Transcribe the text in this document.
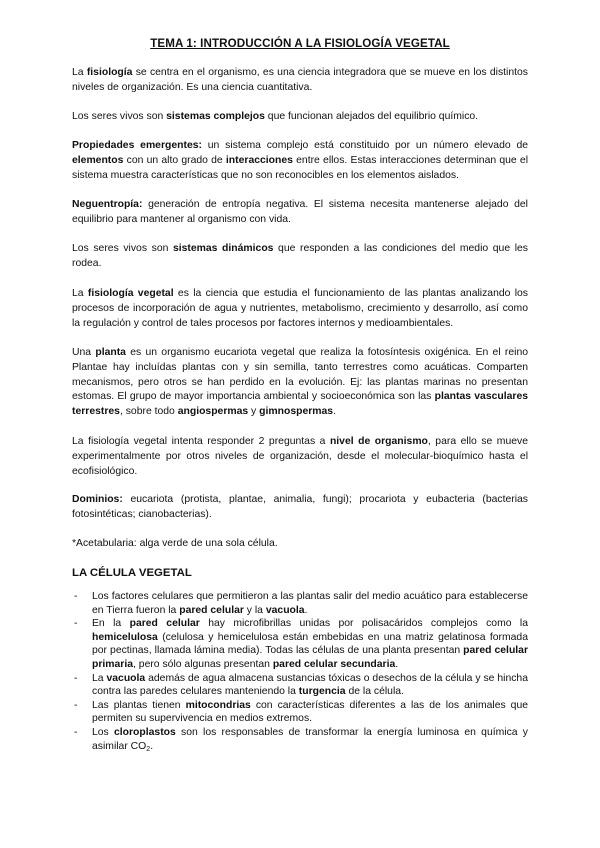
TEMA 1: INTRODUCCIÓN A LA FISIOLOGÍA VEGETAL

La fisiología se centra en el organismo, es una ciencia integradora que se mueve en los distintos niveles de organización. Es una ciencia cuantitativa.

Los seres vivos son sistemas complejos que funcionan alejados del equilibrio químico.

Propiedades emergentes: un sistema complejo está constituido por un número elevado de elementos con un alto grado de interacciones entre ellos. Estas interacciones determinan que el sistema muestra características que no son reconocibles en los elementos aislados.

Neguentropía: generación de entropía negativa. El sistema necesita mantenerse alejado del equilibrio para mantener al organismo con vida.

Los seres vivos son sistemas dinámicos que responden a las condiciones del medio que les rodea.

La fisiología vegetal es la ciencia que estudia el funcionamiento de las plantas analizando los procesos de incorporación de agua y nutrientes, metabolismo, crecimiento y desarrollo, así como la regulación y control de tales procesos por factores internos y medioambientales.

Una planta es un organismo eucariota vegetal que realiza la fotosíntesis oxigénica. En el reino Plantae hay incluídas plantas con y sin semilla, tanto terrestres como acuáticas. Comparten mecanismos, pero otros se han perdido en la evolución. Ej: las plantas marinas no presentan estomas. El grupo de mayor importancia ambiental y socioeconómica son las plantas vasculares terrestres, sobre todo angiospermas y gimnospermas.

La fisiología vegetal intenta responder 2 preguntas a nivel de organismo, para ello se mueve experimentalmente por otros niveles de organización, desde el molecular-bioquímico hasta el ecofisiológico.

Dominios: eucariota (protista, plantae, animalia, fungi); procariota y eubacteria (bacterias fotosintéticas; cianobacterias).

*Acetabularia: alga verde de una sola célula.

LA CÉLULA VEGETAL
- Los factores celulares que permitieron a las plantas salir del medio acuático para establecerse en Tierra fueron la pared celular y la vacuola.
- En la pared celular hay microfibrillas unidas por polisacáridos complejos como la hemicelulosa (celulosa y hemicelulosa están embebidas en una matriz gelatinosa formada por pectinas, llamada lámina media). Todas las células de una planta presentan pared celular primaria, pero sólo algunas presentan pared celular secundaria.
- La vacuola además de agua almacena sustancias tóxicas o desechos de la célula y se hincha contra las paredes celulares manteniendo la turgencia de la célula.
- Las plantas tienen mitocondrias con características diferentes a las de los animales que permiten su supervivencia en medios extremos.
- Los cloroplastos son los responsables de transformar la energía luminosa en química y asimilar $CO_2$.
